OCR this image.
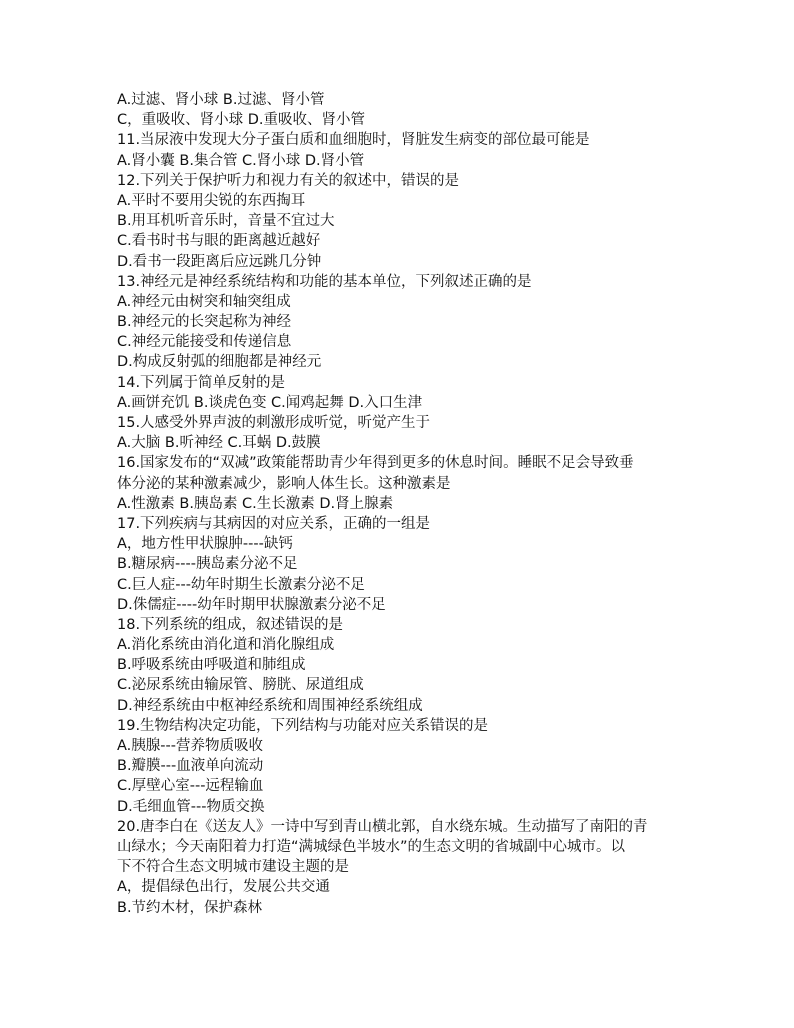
A.过滤、肾小球 B.过滤、肾小管
C，重吸收、肾小球 D.重吸收、肾小管
11.当尿液中发现大分子蛋白质和血细胞时，肾脏发生病变的部位最可能是
A.肾小囊 B.集合管 C.肾小球 D.肾小管
12.下列关于保护听力和视力有关的叙述中，错误的是
A.平时不要用尖锐的东西掏耳
B.用耳机听音乐时，音量不宜过大
C.看书时书与眼的距离越近越好
D.看书一段距离后应远跳几分钟
13.神经元是神经系统结构和功能的基本单位，下列叙述正确的是
A.神经元由树突和轴突组成
B.神经元的长突起称为神经
C.神经元能接受和传递信息
D.构成反射弧的细胞都是神经元
14.下列属于简单反射的是
A.画饼充饥 B.谈虎色变 C.闻鸡起舞 D.入口生津
15.人感受外界声波的刺激形成听觉，听觉产生于
A.大脑 B.听神经 C.耳蜗 D.鼓膜
16.国家发布的“双减”政策能帮助青少年得到更多的休息时间。睡眠不足会导致垂
体分泌的某种激素减少，影响人体生长。这种激素是
A.性激素 B.胰岛素 C.生长激素 D.肾上腺素
17.下列疾病与其病因的对应关系，正确的一组是
A，地方性甲状腺肿----缺钙
B.糖尿病----胰岛素分泌不足
C.巨人症---幼年时期生长激素分泌不足
D.侏儒症----幼年时期甲状腺激素分泌不足
18.下列系统的组成，叙述错误的是
A.消化系统由消化道和消化腺组成
B.呼吸系统由呼吸道和肺组成
C.泌尿系统由输尿管、膀胱、尿道组成
D.神经系统由中枢神经系统和周围神经系统组成
19.生物结构决定功能，下列结构与功能对应关系错误的是
A.胰腺---营养物质吸收
B.瓣膜---血液单向流动
C.厚壁心室---远程输血
D.毛细血管---物质交换
20.唐李白在《送友人》一诗中写到青山横北郭，自水绕东城。生动描写了南阳的青
山绿水；今天南阳着力打造“满城绿色半坡水”的生态文明的省城副中心城市。以
下不符合生态文明城市建设主题的是
A，提倡绿色出行，发展公共交通
B.节约木材，保护森林
